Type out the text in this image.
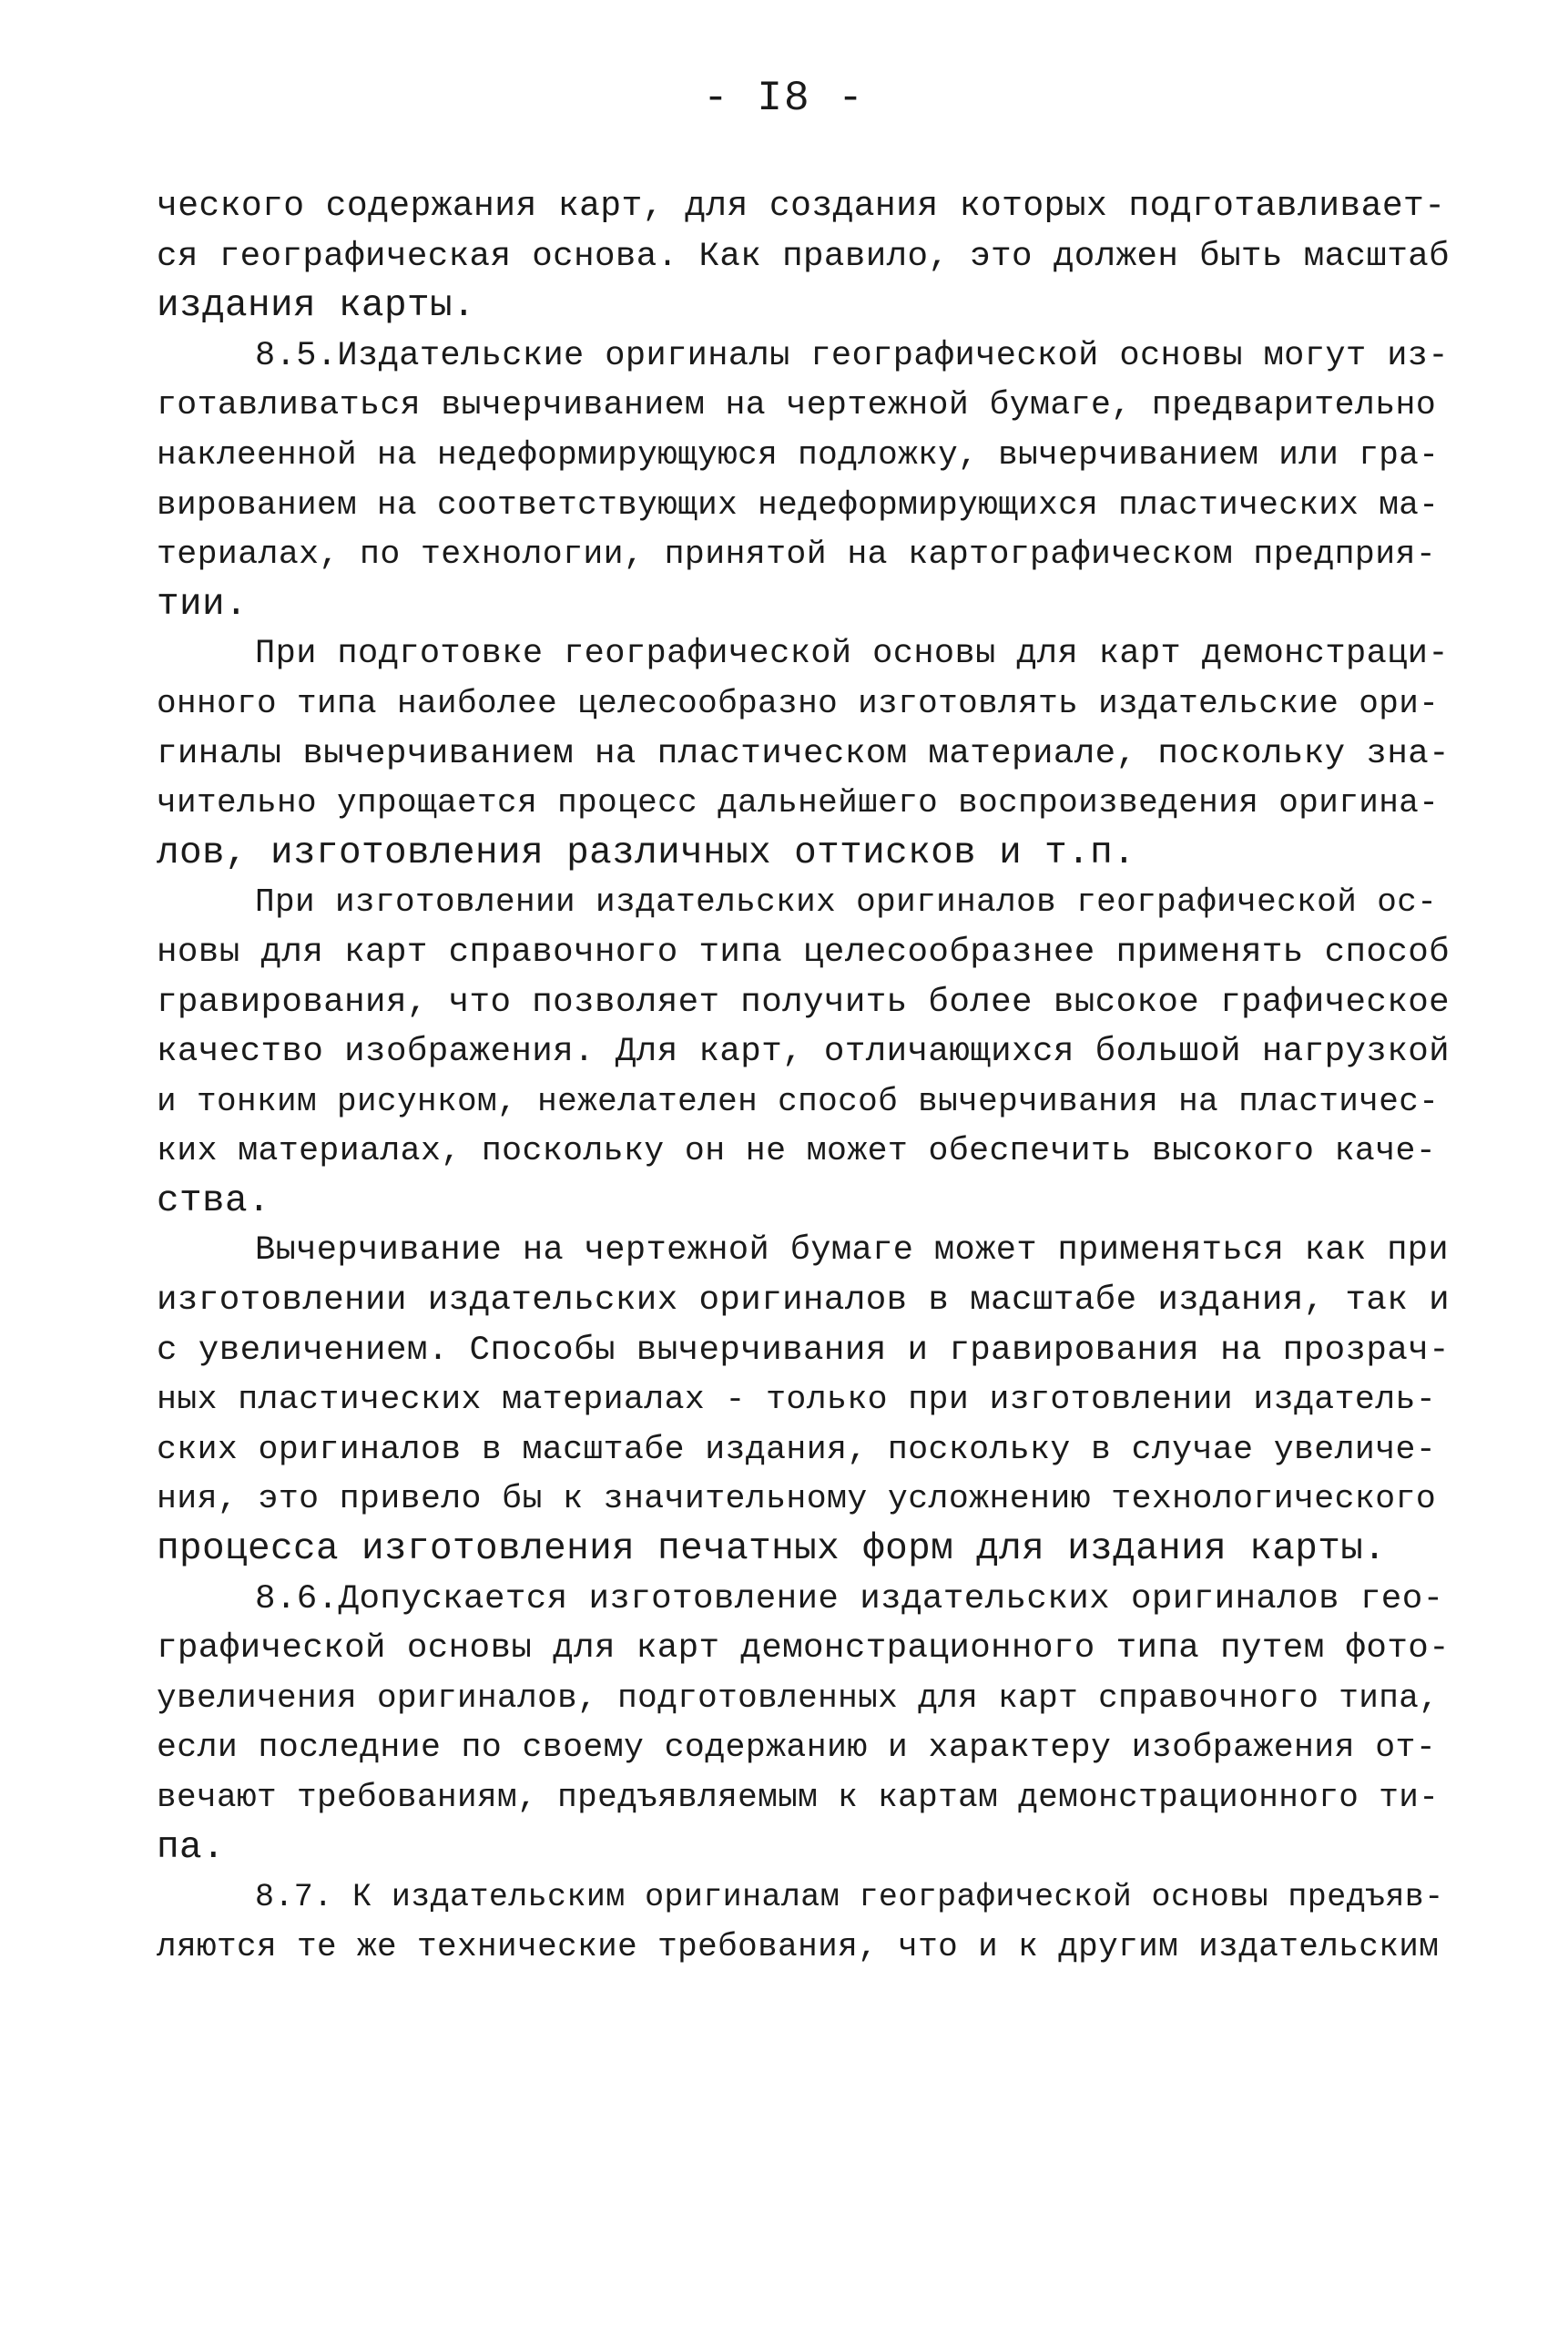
- I8 -
ческого содержания карт, для создания которых подготавливает-
ся географическая основа. Как правило, это должен быть масштаб
издания карты.
8.5.Издательские оригиналы географической основы могут из-
готавливаться вычерчиванием на чертежной бумаге, предварительно
наклеенной на недеформирующуюся подложку, вычерчиванием или гра-
вированием на соответствующих недеформирующихся пластических ма-
териалах, по технологии, принятой на картографическом предприя-
тии.
При подготовке географической основы для карт демонстраци-
онного типа наиболее целесообразно изготовлять издательские ори-
гиналы вычерчиванием на пластическом материале, поскольку зна-
чительно упрощается процесс дальнейшего воспроизведения оригина-
лов, изготовления различных оттисков и т.п.
При изготовлении издательских оригиналов географической ос-
новы для карт справочного типа целесообразнее применять способ
гравирования, что позволяет получить более высокое графическое
качество изображения. Для карт, отличающихся большой нагрузкой
и тонким рисунком, нежелателен способ вычерчивания на пластичес-
ких материалах, поскольку он не может обеспечить высокого каче-
ства.
Вычерчивание на чертежной бумаге может применяться как при
изготовлении издательских оригиналов в масштабе издания, так и
с увеличением. Способы вычерчивания и гравирования на прозрач-
ных пластических материалах - только при изготовлении издатель-
ских оригиналов в масштабе издания, поскольку в случае увеличе-
ния, это привело бы к значительному усложнению технологического
процесса изготовления печатных форм для издания карты.
8.6.Допускается изготовление издательских оригиналов гео-
графической основы для карт демонстрационного типа путем фото-
увеличения оригиналов, подготовленных для карт справочного типа,
если последние по своему содержанию и характеру изображения от-
вечают требованиям, предъявляемым к картам демонстрационного ти-
па.
8.7. К издательским оригиналам географической основы предъяв-
ляются те же технические требования, что и к другим издательским
